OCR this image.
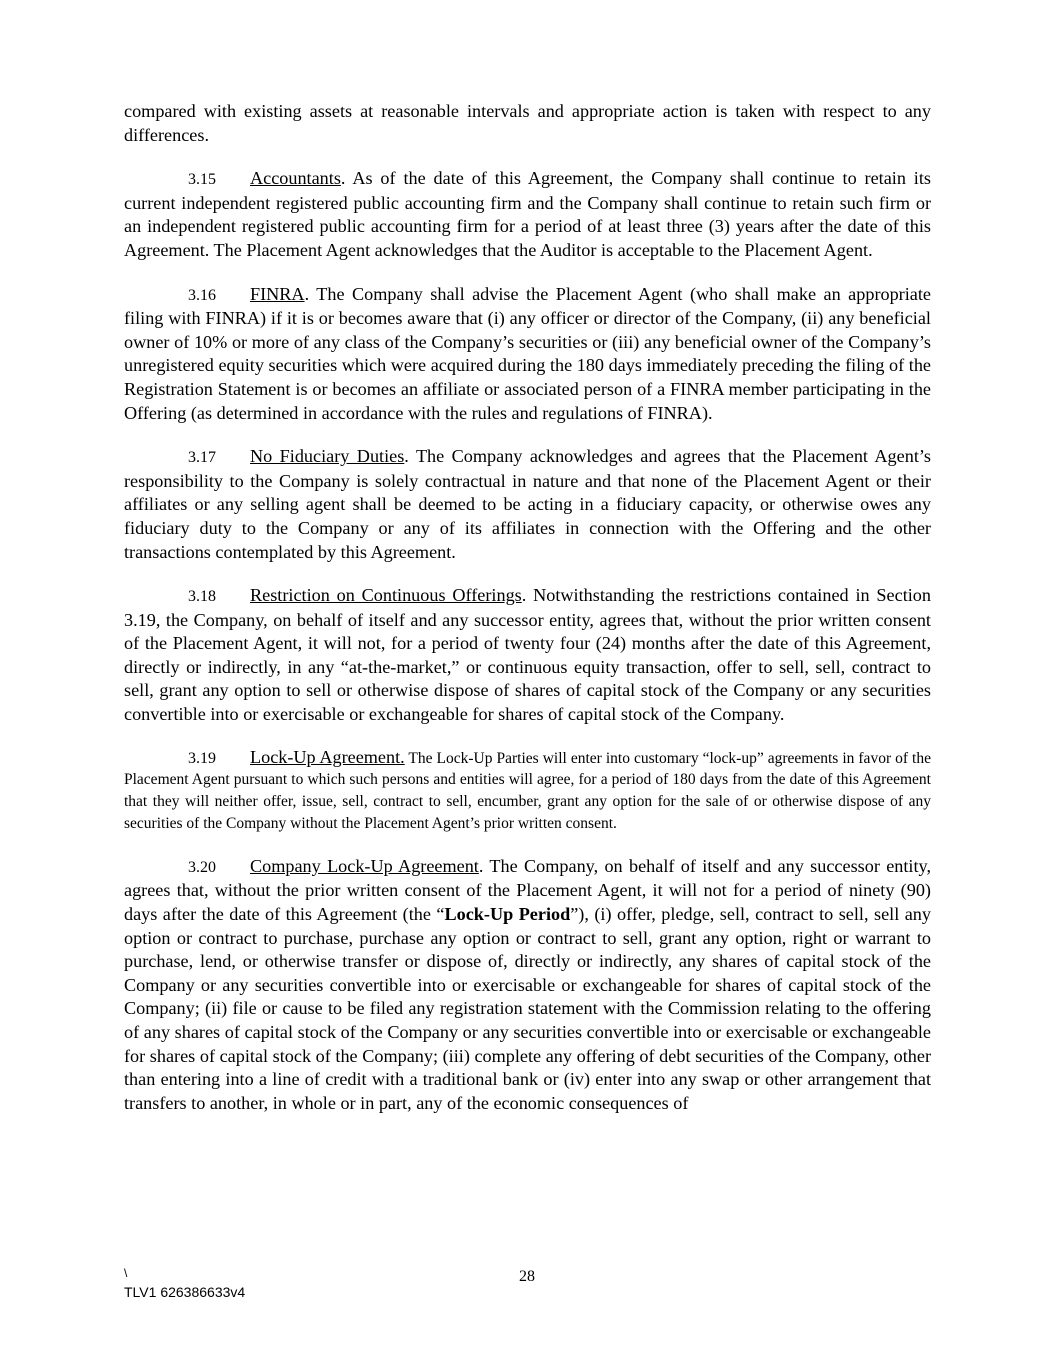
compared with existing assets at reasonable intervals and appropriate action is taken with respect to any differences.

3.15 Accountants. As of the date of this Agreement, the Company shall continue to retain its current independent registered public accounting firm and the Company shall continue to retain such firm or an independent registered public accounting firm for a period of at least three (3) years after the date of this Agreement. The Placement Agent acknowledges that the Auditor is acceptable to the Placement Agent.

3.16 FINRA. The Company shall advise the Placement Agent (who shall make an appropriate filing with FINRA) if it is or becomes aware that (i) any officer or director of the Company, (ii) any beneficial owner of 10% or more of any class of the Company’s securities or (iii) any beneficial owner of the Company’s unregistered equity securities which were acquired during the 180 days immediately preceding the filing of the Registration Statement is or becomes an affiliate or associated person of a FINRA member participating in the Offering (as determined in accordance with the rules and regulations of FINRA).

3.17 No Fiduciary Duties. The Company acknowledges and agrees that the Placement Agent’s responsibility to the Company is solely contractual in nature and that none of the Placement Agent or their affiliates or any selling agent shall be deemed to be acting in a fiduciary capacity, or otherwise owes any fiduciary duty to the Company or any of its affiliates in connection with the Offering and the other transactions contemplated by this Agreement.

3.18 Restriction on Continuous Offerings. Notwithstanding the restrictions contained in Section 3.19, the Company, on behalf of itself and any successor entity, agrees that, without the prior written consent of the Placement Agent, it will not, for a period of twenty four (24) months after the date of this Agreement, directly or indirectly, in any “at-the-market,” or continuous equity transaction, offer to sell, sell, contract to sell, grant any option to sell or otherwise dispose of shares of capital stock of the Company or any securities convertible into or exercisable or exchangeable for shares of capital stock of the Company.

3.19 Lock-Up Agreement. The Lock-Up Parties will enter into customary “lock-up” agreements in favor of the Placement Agent pursuant to which such persons and entities will agree, for a period of 180 days from the date of this Agreement that they will neither offer, issue, sell, contract to sell, encumber, grant any option for the sale of or otherwise dispose of any securities of the Company without the Placement Agent’s prior written consent.

3.20 Company Lock-Up Agreement. The Company, on behalf of itself and any successor entity, agrees that, without the prior written consent of the Placement Agent, it will not for a period of ninety (90) days after the date of this Agreement (the “Lock-Up Period”), (i) offer, pledge, sell, contract to sell, sell any option or contract to purchase, purchase any option or contract to sell, grant any option, right or warrant to purchase, lend, or otherwise transfer or dispose of, directly or indirectly, any shares of capital stock of the Company or any securities convertible into or exercisable or exchangeable for shares of capital stock of the Company; (ii) file or cause to be filed any registration statement with the Commission relating to the offering of any shares of capital stock of the Company or any securities convertible into or exercisable or exchangeable for shares of capital stock of the Company; (iii) complete any offering of debt securities of the Company, other than entering into a line of credit with a traditional bank or (iv) enter into any swap or other arrangement that transfers to another, in whole or in part, any of the economic consequences of

\	28
TLV1 626386633v4
